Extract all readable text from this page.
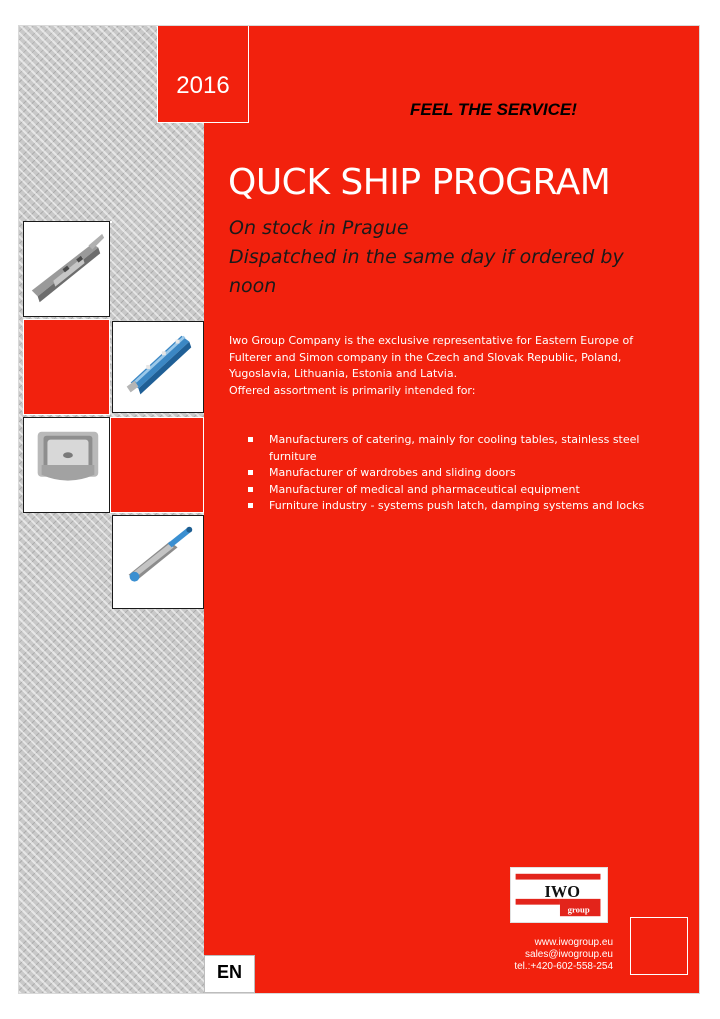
2016
FEEL THE SERVICE!
QUCK SHIP PROGRAM
On stock in Prague
Dispatched in the same day if ordered by
noon
Iwo Group Company is the exclusive representative for Eastern Europe of
Fulterer and Simon company in the Czech and Slovak Republic, Poland,
Yugoslavia, Lithuania, Estonia and Latvia.
Offered assortment is primarily intended for:
Manufacturers of catering, mainly for cooling tables, stainless steel
furniture
Manufacturer of wardrobes and sliding doors
Manufacturer of medical and pharmaceutical equipment
Furniture industry - systems push latch, damping systems and locks
IWO
group
www.iwogroup.eu
sales@iwogroup.eu
tel.:+420-602-558-254
EN
